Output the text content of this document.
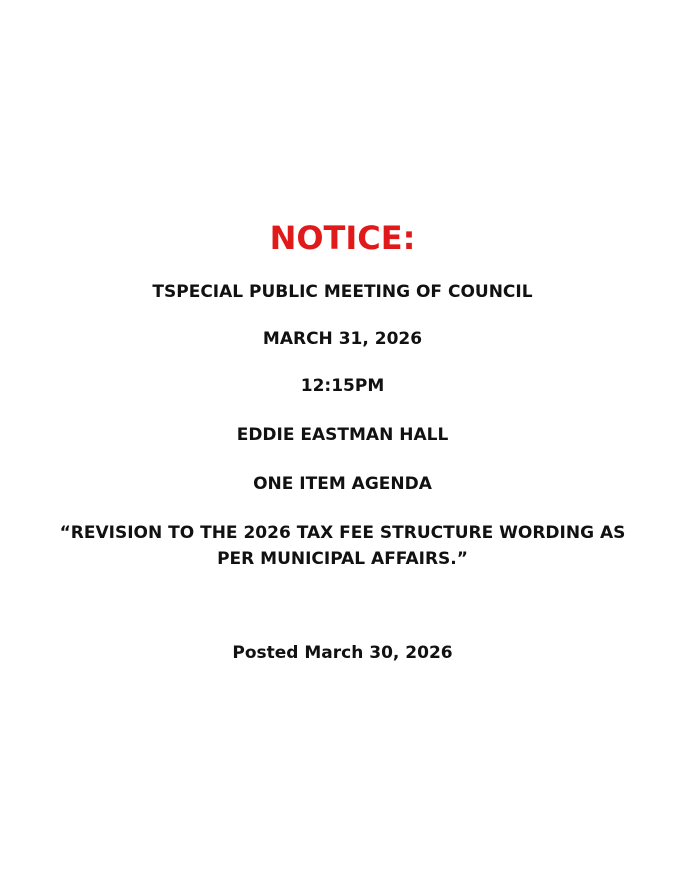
NOTICE:
TSPECIAL PUBLIC MEETING OF COUNCIL
MARCH 31, 2026
12:15PM
EDDIE EASTMAN HALL
ONE ITEM AGENDA
“REVISION TO THE 2026 TAX FEE STRUCTURE WORDING AS PER MUNICIPAL AFFAIRS.”
Posted March 30, 2026
